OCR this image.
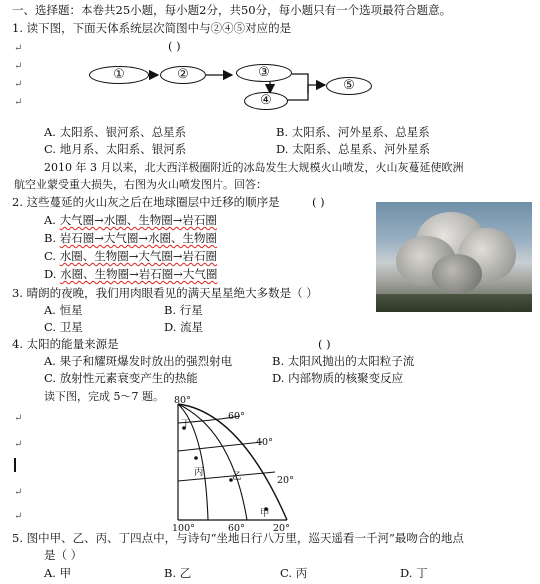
一、选择题：本卷共25小题，每小题2分，共50分，每小题只有一个选项最符合题意。
1. 读下图，下面天体系统层次简图中与②④⑤对应的是
( )
↵
↵
↵
↵
①	②	③
④
⑤
A. 太阳系、银河系、总星系	B. 太阳系、河外星系、总星系
C. 地月系、太阳系、银河系	D. 太阳系、总星系、河外星系
2010 年 3 月以来，北大西洋极圈附近的冰岛发生大规模火山喷发，火山灰蔓延使欧洲
航空业蒙受重大损失，右图为火山喷发图片。回答：
2. 这些蔓延的火山灰之后在地球圈层中迁移的顺序是	( )
A. 大气圈→水圈、生物圈→岩石圈
B. 岩石圈→大气圈→水圈、生物圈
C. 水圈、生物圈→大气圈→岩石圈
D. 水圈、生物圈→岩石圈→大气圈
3. 晴朗的夜晚，我们用肉眼看见的满天星星绝大多数是（ ）
A. 恒星	B. 行星
C. 卫星	D. 流星
4. 太阳的能量来源是	( )
A. 果子和耀斑爆发时放出的强烈射电	B. 太阳风抛出的太阳粒子流
C. 放射性元素衰变产生的热能	D. 内部物质的核聚变反应
读下图，完成 5～7 题。
↵
↵
↵
↵
80°
60°
40°
20°
100°	60°	20°
丁
丙	乙
甲
5. 图中甲、乙、丙、丁四点中，与诗句“坐地日行八万里，巡天遥看一千河”最吻合的地点
是（ ）
A. 甲	B. 乙	C. 丙	D. 丁
